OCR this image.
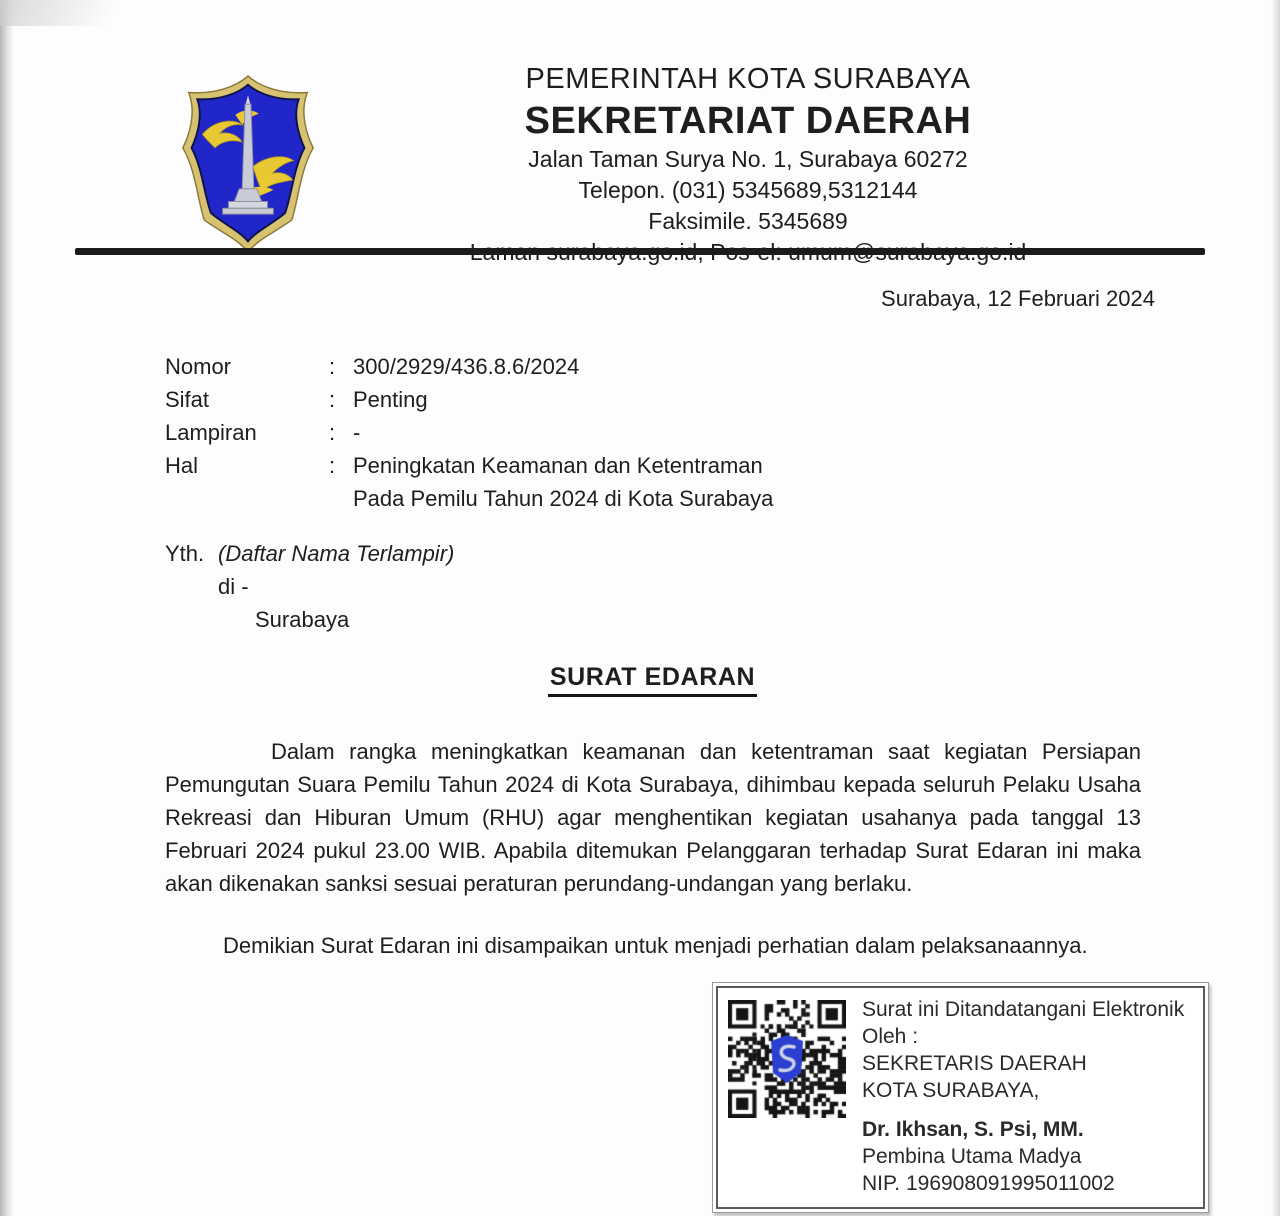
PEMERINTAH KOTA SURABAYA
SEKRETARIAT DAERAH
Jalan Taman Surya No. 1, Surabaya 60272
Telepon. (031) 5345689,5312144
Faksimile. 5345689
Surabaya, 12 Februari 2024
Nomor	: 300/2929/436.8.6/2024
Sifat	: Penting
Lampiran	: -
Hal	: Peningkatan Keamanan dan Ketentraman
Pada Pemilu Tahun 2024 di Kota Surabaya
Yth. (Daftar Nama Terlampir)
di -
Surabaya
SURAT EDARAN

Dalam rangka meningkatkan keamanan dan ketentraman saat kegiatan Persiapan Pemungutan Suara Pemilu Tahun 2024 di Kota Surabaya, dihimbau kepada seluruh Pelaku Usaha Rekreasi dan Hiburan Umum (RHU) agar menghentikan kegiatan usahanya pada tanggal 13 Februari 2024 pukul 23.00 WIB. Apabila ditemukan Pelanggaran terhadap Surat Edaran ini maka akan dikenakan sanksi sesuai peraturan perundang-undangan yang berlaku.

Demikian Surat Edaran ini disampaikan untuk menjadi perhatian dalam pelaksanaannya.

Surat ini Ditandatangani Elektronik Oleh :
SEKRETARIS DAERAH
KOTA SURABAYA,
Dr. Ikhsan, S. Psi, MM.
Pembina Utama Madya
NIP. 196908091995011002
